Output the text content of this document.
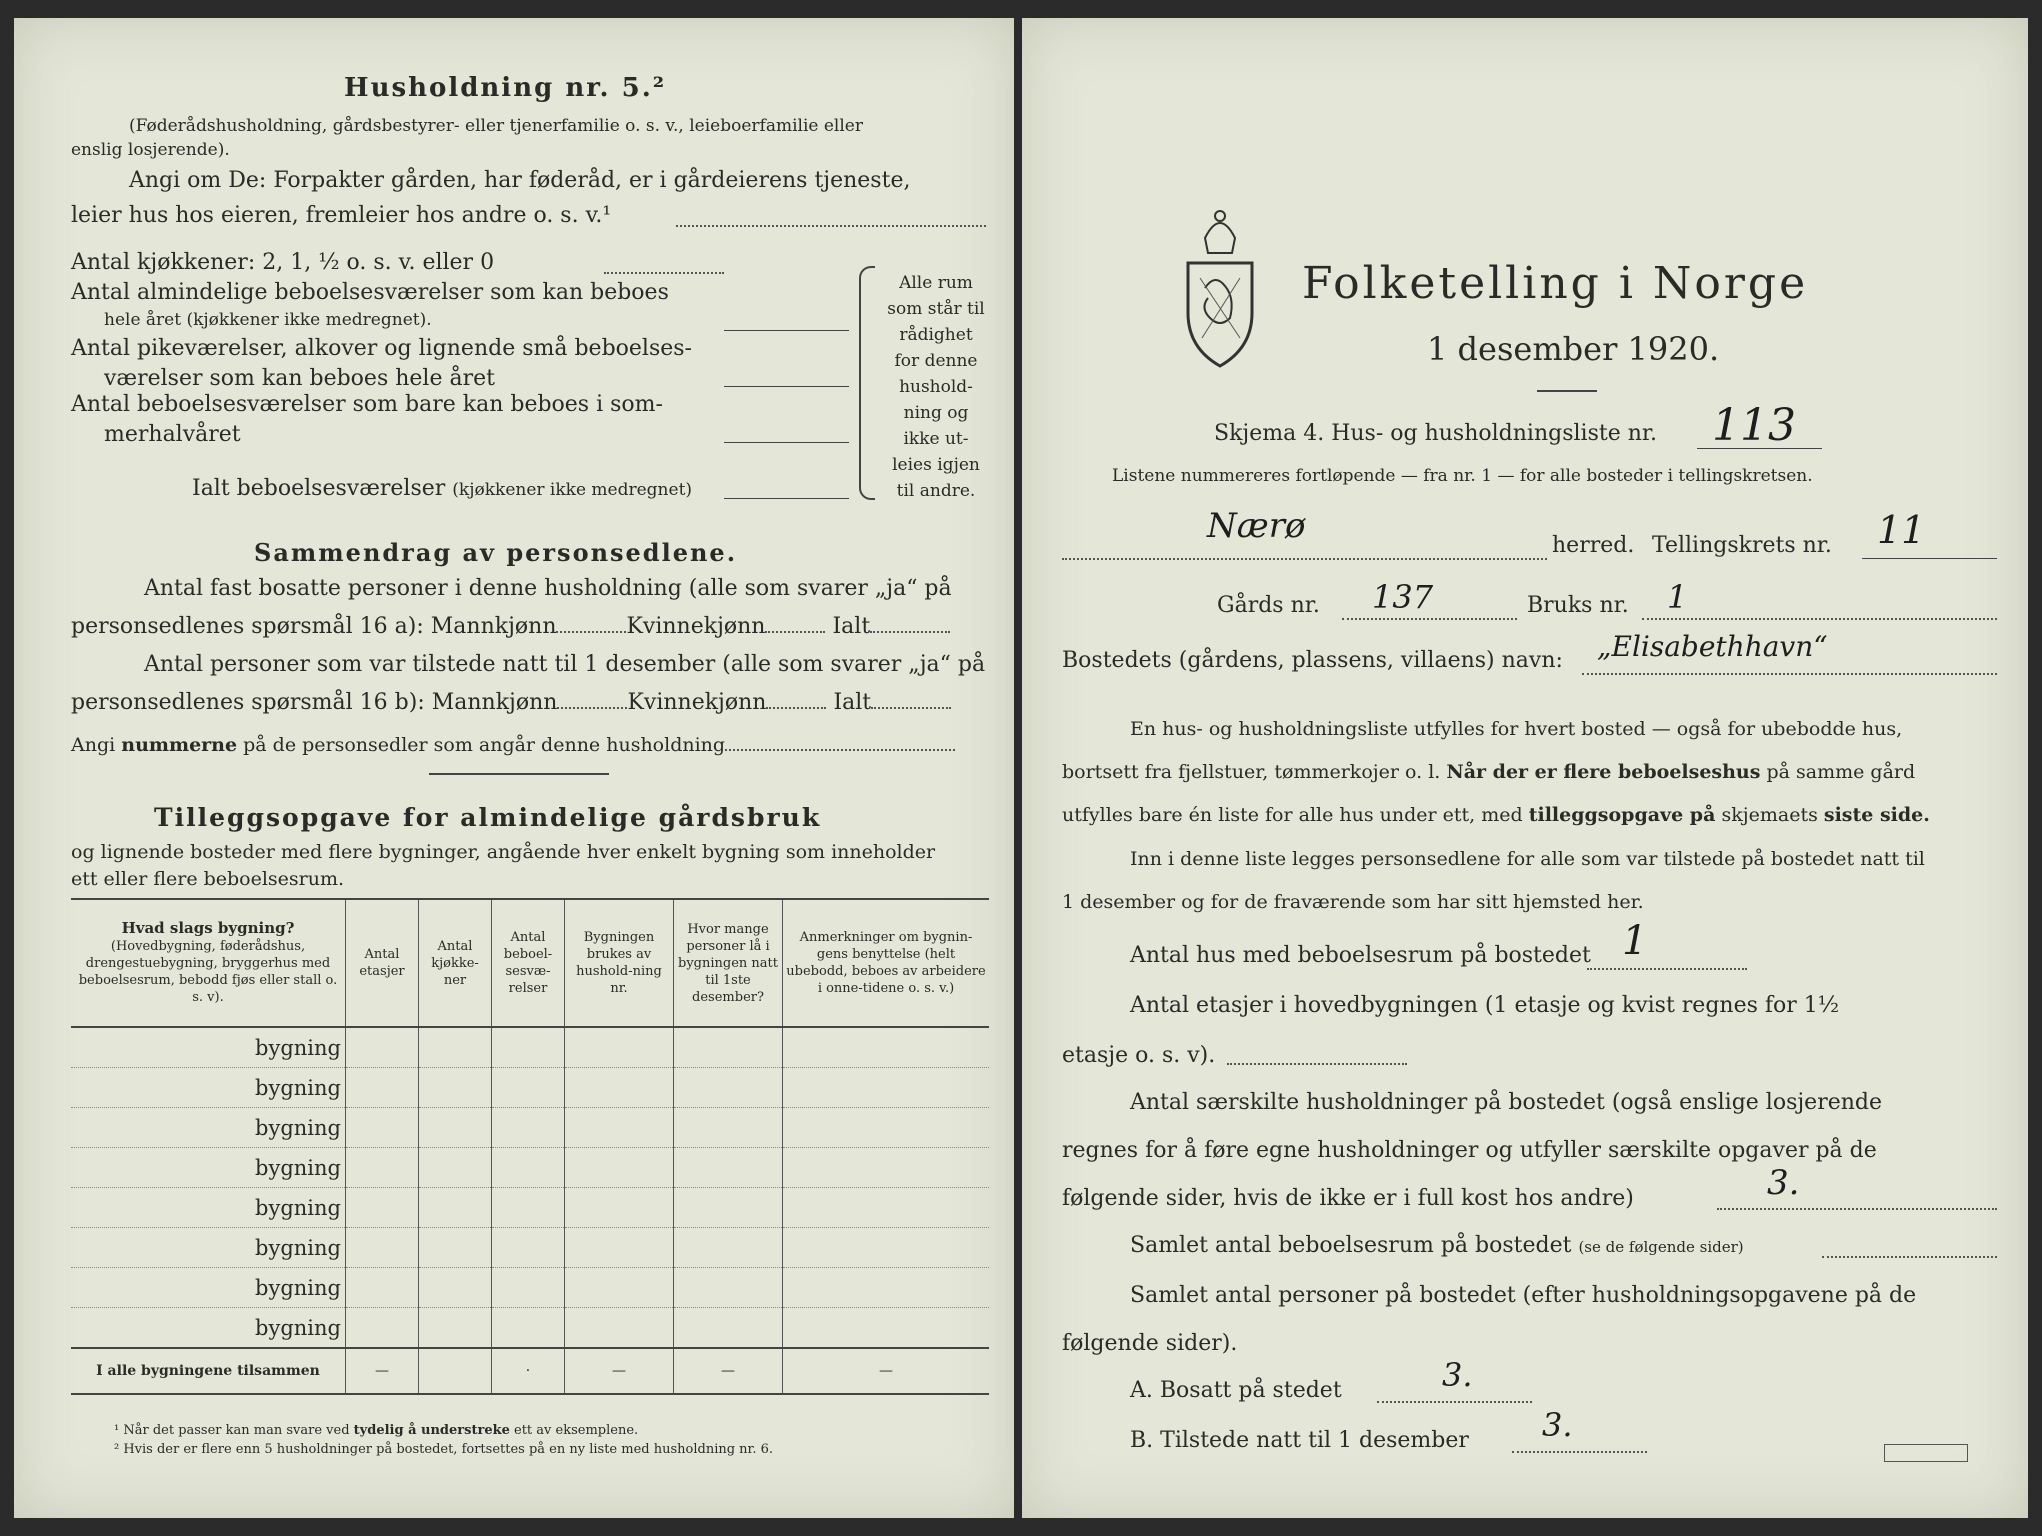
Husholdning nr. 5.²
(Føderådshusholdning, gårdsbestyrer- eller tjenerfamilie o. s. v., leieboerfamilie eller
enslig losjerende).
Angi om De: Forpakter gården, har føderåd, er i gårdeierens tjeneste,
leier hus hos eieren, fremleier hos andre o. s. v.¹
Antal kjøkkener: 2, 1, ½ o. s. v. eller 0
Antal almindelige beboelsesværelser som kan beboes
hele året (kjøkkener ikke medregnet).
Antal pikeværelser, alkover og lignende små beboelses-
værelser som kan beboes hele året
Antal beboelsesværelser som bare kan beboes i som-
merhalvåret
Ialt beboelsesværelser (kjøkkener ikke medregnet)
Alle rum
som står til
rådighet
for denne
hushold-
ning og
ikke ut-
leies igjen
til andre.
Sammendrag av personsedlene.
Antal fast bosatte personer i denne husholdning (alle som svarer „ja“ på
personsedlenes spørsmål 16 a): Mannkjønn	Kvinnekjønn	Ialt
Antal personer som var tilstede natt til 1 desember (alle som svarer „ja“ på
personsedlenes spørsmål 16 b): Mannkjønn	Kvinnekjønn	Ialt
Angi nummerne på de personsedler som angår denne husholdning
Tilleggsopgave for almindelige gårdsbruk
og lignende bosteder med flere bygninger, angående hver enkelt bygning som inneholder
ett eller flere beboelsesrum.
Hvad slags bygning?
(Hovedbygning, føderådshus, drengestuebygning, bryggerhus med beboelsesrum, bebodd fjøs eller stall o. s. v).	Antal etasjer	Antal kjøkke-ner	Antal beboel-sesvæ-relser	Bygningen brukes av hushold-ning nr.	Hvor mange personer lå i bygningen natt til 1ste desember?	Anmerkninger om bygnin-gens benyttelse (helt ubebodd, beboes av arbeidere i onne-tidene o. s. v.)
bygning						
bygning						
bygning						
bygning						
bygning						
bygning						
bygning						
bygning						
I alle bygningene tilsammen	—		·	—	—	—
¹ Når det passer kan man svare ved tydelig å understreke ett av eksemplene.
² Hvis der er flere enn 5 husholdninger på bostedet, fortsettes på en ny liste med husholdning nr. 6.
Folketelling i Norge
1 desember 1920.
Skjema 4. Hus- og husholdningsliste nr. 113
Listene nummereres fortløpende — fra nr. 1 — for alle bosteder i tellingskretsen.
Nærø	herred. Tellingskrets nr. 11
Gårds nr. 137	Bruks nr. 1
Bostedets (gårdens, plassens, villaens) navn: „Elisabethhavn“
En hus- og husholdningsliste utfylles for hvert bosted — også for ubebodde hus,
bortsett fra fjellstuer, tømmerkojer o. l. Når der er flere beboelseshus på samme gård
utfylles bare én liste for alle hus under ett, med tilleggsopgave på skjemaets siste side.
Inn i denne liste legges personsedlene for alle som var tilstede på bostedet natt til
1 desember og for de fraværende som har sitt hjemsted her.
Antal hus med beboelsesrum på bostedet 1
Antal etasjer i hovedbygningen (1 etasje og kvist regnes for 1½
etasje o. s. v).
Antal særskilte husholdninger på bostedet (også enslige losjerende
regnes for å føre egne husholdninger og utfyller særskilte opgaver på de
følgende sider, hvis de ikke er i full kost hos andre)	3.
Samlet antal beboelsesrum på bostedet (se de følgende sider)
Samlet antal personer på bostedet (efter husholdningsopgavene på de
følgende sider).
A. Bosatt på stedet	3.
B. Tilstede natt til 1 desember 3.
